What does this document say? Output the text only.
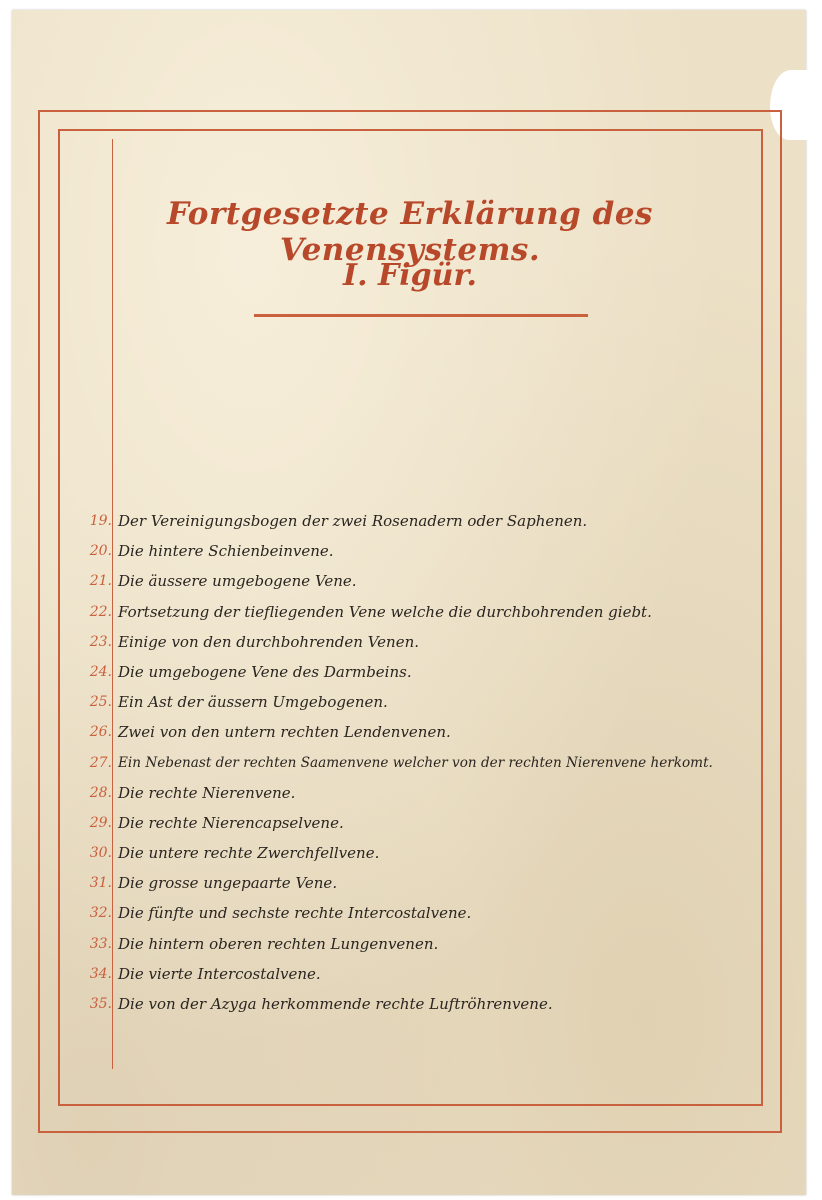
Fortgesetzte Erklärung des Venensystems.
I. Figür.
19. Der Vereinigungsbogen der zwei Rosenadern oder Saphenen.
20. Die hintere Schienbeinvene.
21. Die äussere umgebogene Vene.
22. Fortsetzung der tiefliegenden Vene welche die durchbohrenden giebt.
23. Einige von den durchbohrenden Venen.
24. Die umgebogene Vene des Darmbeins.
25. Ein Ast der äussern Umgebogenen.
26. Zwei von den untern rechten Lendenvenen.
27. Ein Nebenast der rechten Saamenvene welcher von der rechten Nierenvene herkomt.
28. Die rechte Nierenvene.
29. Die rechte Nierencapselvene.
30. Die untere rechte Zwerchfellvene.
31. Die grosse ungepaarte Vene.
32. Die fünfte und sechste rechte Intercostalvene.
33. Die hintern oberen rechten Lungenvenen.
34. Die vierte Intercostalvene.
35. Die von der Azyga herkommende rechte Luftröhrenvene.
